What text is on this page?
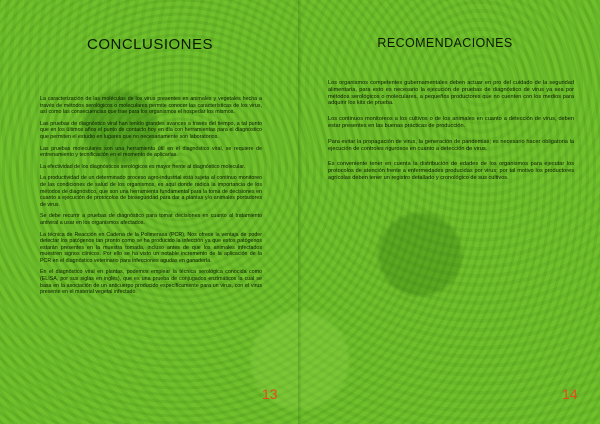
CONCLUSIONES

La caracterización de las moléculas de los virus presentes en animales y vegetales hecha a través de métodos serológicos o moleculares permite conocer las características de los virus, así como las consecuencias que trae para los organismos el hospedar los mismos.

Las pruebas de diagnóstico viral han tenido grandes avances a través del tiempo, a tal punto que en los últimos años el punto de contacto hoy en día con herramientas para el diagnóstico que permiten el estudio en lugares que no necesariamente son laboratorios.

Las pruebas moleculares son una herramienta útil en el diagnóstico viral, se requiere de entrenamiento y tecnificación en el momento de aplicarlas.

La efectividad de los diagnósticos serológicos es mayor frente al diagnóstico molecular.

La productividad de un determinado proceso agro-industrial está sujeta al continuo monitoreo de las condiciones de salud de los organismos, es aquí donde radica la importancia de los métodos de diagnóstico, que son una herramienta fundamental para la toma de decisiones en cuanto a ejecución de protocolos de bioseguridad para dar a plantas y/o animales portadores de virus.

Se debe recurrir a pruebas de diagnóstico para tomar decisiones en cuanto al tratamiento antiviral a usar en los organismos afectados.

La técnica de Reacción en Cadena de la Polimerasa (PCR), Nos ofrece la ventaja de poder detectar los patógenos tan pronto como se ha producido la infección ya que estos patógenos estarán presentes en la muestra tomada, incluso antes de que los animales infectados muestren signos clínicos. Por ello se ha visto un notable incremento de la aplicación de la PCR en el diagnóstico veterinario para infecciones agudas en ganadería.

En el diagnóstico viral en plantas, podemos emplear la técnica serológica conocida como (ELISA, por sus siglas en inglés), que es una prueba de conjugados enzimáticos la cual se basa en la asociación de un anticuerpo producido específicamente para un virus, con el virus presente en el material vegetal infectado.

13
RECOMENDACIONES

Los organismos competentes gubernamentales deben actuar en pro del cuidado de la seguridad alimentaria, para esto es necesario la ejecución de pruebas de diagnóstico de virus ya sea por métodos serológicos o moleculares, a pequeños productores que no cuenten con los medios para adquirir los kits de prueba.

Los continuos monitoreos a los cultivos o de los animales en cuanto a detección de virus, deben estar presentes en las buenas prácticas de producción.

Para evitar la propagación de virus, la generación de pandemias; es necesario hacer obligatoria la ejecución de controles rigurosos en cuanto a detección de virus.

Es conveniente tener en cuenta la distribución de edades de los organismos para ejecutar los protocolos de atención frente a enfermedades producidas por virus; por tal motivo los productores agrícolas deben tener un registro detallado y cronológico de sus cultivos.

14
